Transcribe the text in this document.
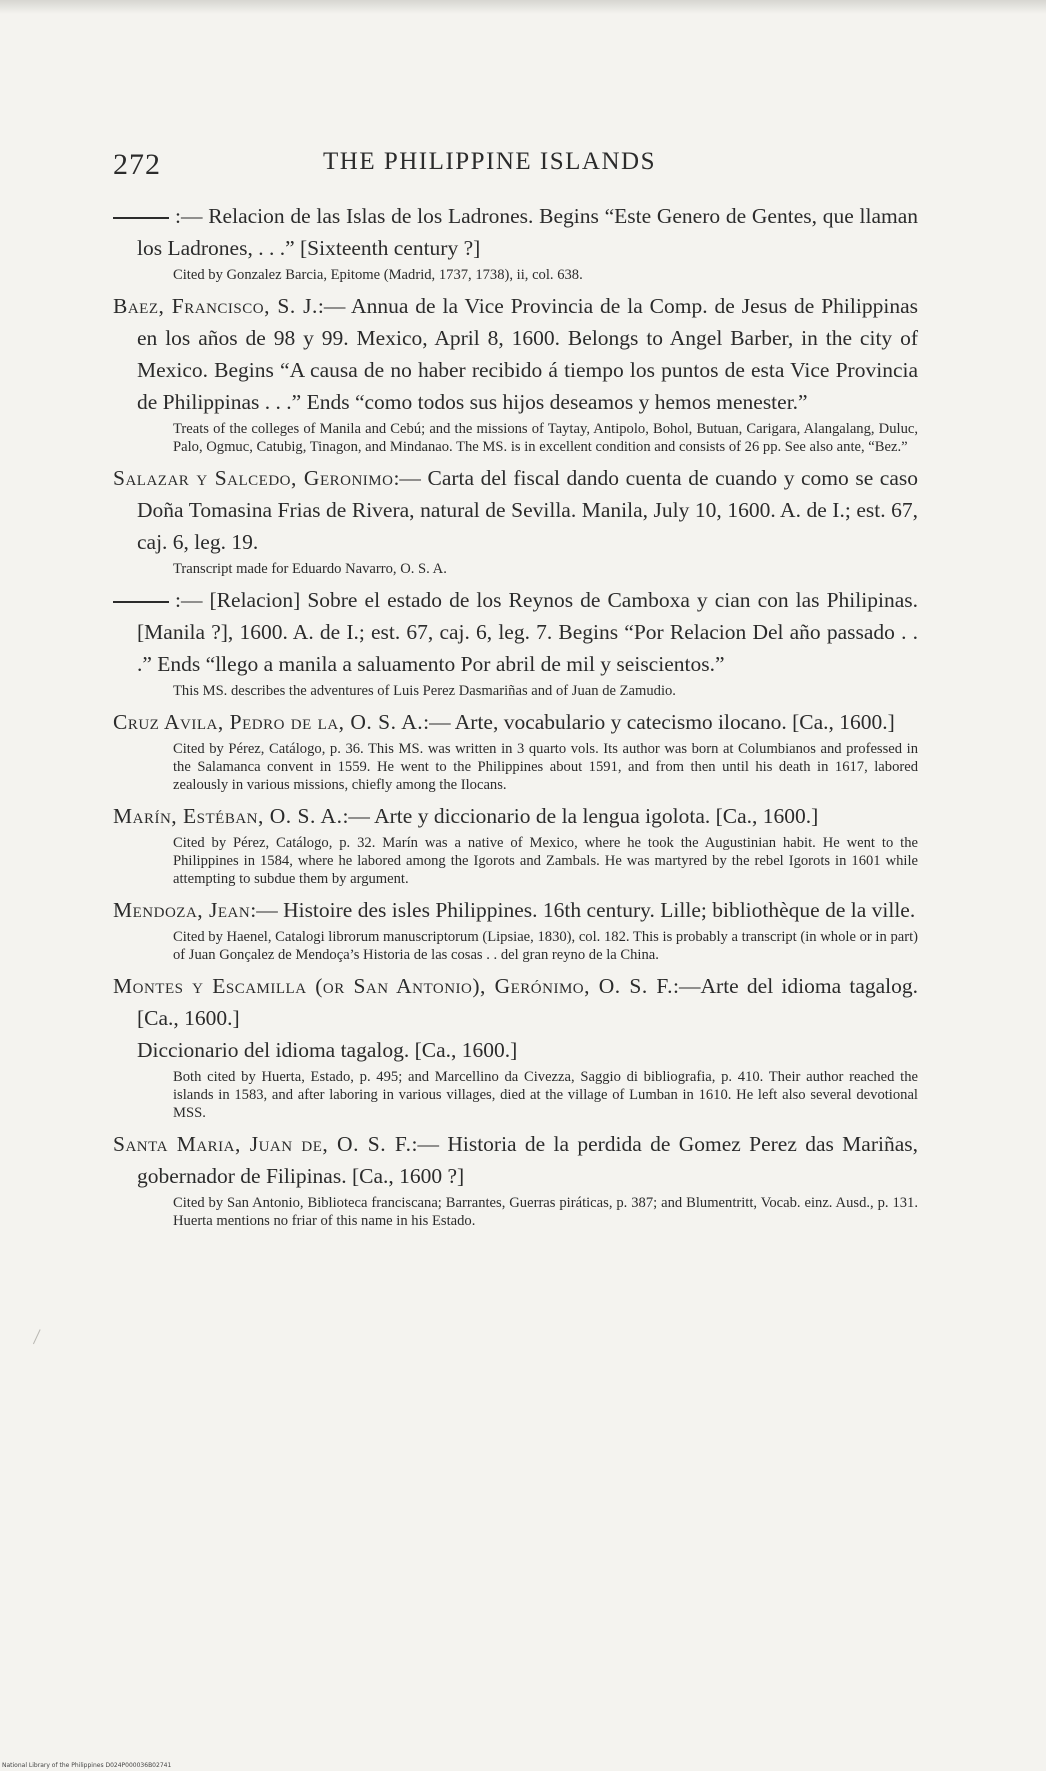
272	THE PHILIPPINE ISLANDS
:— Relacion de las Islas de los Ladrones. Begins “Este Genero de Gentes, que llaman los Ladrones, . . .” [Sixteenth century ?]
Cited by Gonzalez Barcia, Epitome (Madrid, 1737, 1738), ii, col. 638.
Baez, Francisco, S. J.:— Annua de la Vice Provincia de la Comp. de Jesus de Philippinas en los años de 98 y 99. Mexico, April 8, 1600. Belongs to Angel Barber, in the city of Mexico. Begins “A causa de no haber recibido á tiempo los puntos de esta Vice Provincia de Philippinas . . .” Ends “como todos sus hijos deseamos y hemos menester.”
Treats of the colleges of Manila and Cebú; and the missions of Taytay, Antipolo, Bohol, Butuan, Carigara, Alangalang, Duluc, Palo, Ogmuc, Catubig, Tinagon, and Mindanao. The MS. is in excellent condition and consists of 26 pp. See also ante, “Bez.”
Salazar y Salcedo, Geronimo:— Carta del fiscal dando cuenta de cuando y como se caso Doña Tomasina Frias de Rivera, natural de Sevilla. Manila, July 10, 1600. A. de I.; est. 67, caj. 6, leg. 19.
Transcript made for Eduardo Navarro, O. S. A.
:— [Relacion] Sobre el estado de los Reynos de Camboxa y cian con las Philipinas. [Manila ?], 1600. A. de I.; est. 67, caj. 6, leg. 7. Begins “Por Relacion Del año passado . . .” Ends “llego a manila a saluamento Por abril de mil y seiscientos.”
This MS. describes the adventures of Luis Perez Dasmariñas and of Juan de Zamudio.
Cruz Avila, Pedro de la, O. S. A.:— Arte, vocabulario y catecismo ilocano. [Ca., 1600.]
Cited by Pérez, Catálogo, p. 36. This MS. was written in 3 quarto vols. Its author was born at Columbianos and professed in the Salamanca convent in 1559. He went to the Philippines about 1591, and from then until his death in 1617, labored zealously in various missions, chiefly among the Ilocans.
Marín, Estéban, O. S. A.:— Arte y diccionario de la lengua igolota. [Ca., 1600.]
Cited by Pérez, Catálogo, p. 32. Marín was a native of Mexico, where he took the Augustinian habit. He went to the Philippines in 1584, where he labored among the Igorots and Zambals. He was martyred by the rebel Igorots in 1601 while attempting to subdue them by argument.
Mendoza, Jean:— Histoire des isles Philippines. 16th century. Lille; bibliothèque de la ville.
Cited by Haenel, Catalogi librorum manuscriptorum (Lipsiae, 1830), col. 182. This is probably a transcript (in whole or in part) of Juan Gonçalez de Mendoça’s Historia de las cosas . . del gran reyno de la China.
Montes y Escamilla (or San Antonio), Gerónimo, O. S. F.:—Arte del idioma tagalog. [Ca., 1600.]
Diccionario del idioma tagalog. [Ca., 1600.]
Both cited by Huerta, Estado, p. 495; and Marcellino da Civezza, Saggio di bibliografia, p. 410. Their author reached the islands in 1583, and after laboring in various villages, died at the village of Lumban in 1610. He left also several devotional MSS.
Santa Maria, Juan de, O. S. F.:— Historia de la perdida de Gomez Perez das Mariñas, gobernador de Filipinas. [Ca., 1600 ?]
Cited by San Antonio, Biblioteca franciscana; Barrantes, Guerras piráticas, p. 387; and Blumentritt, Vocab. einz. Ausd., p. 131. Huerta mentions no friar of this name in his Estado.
National Library of the Philippines D024P000036B02741
